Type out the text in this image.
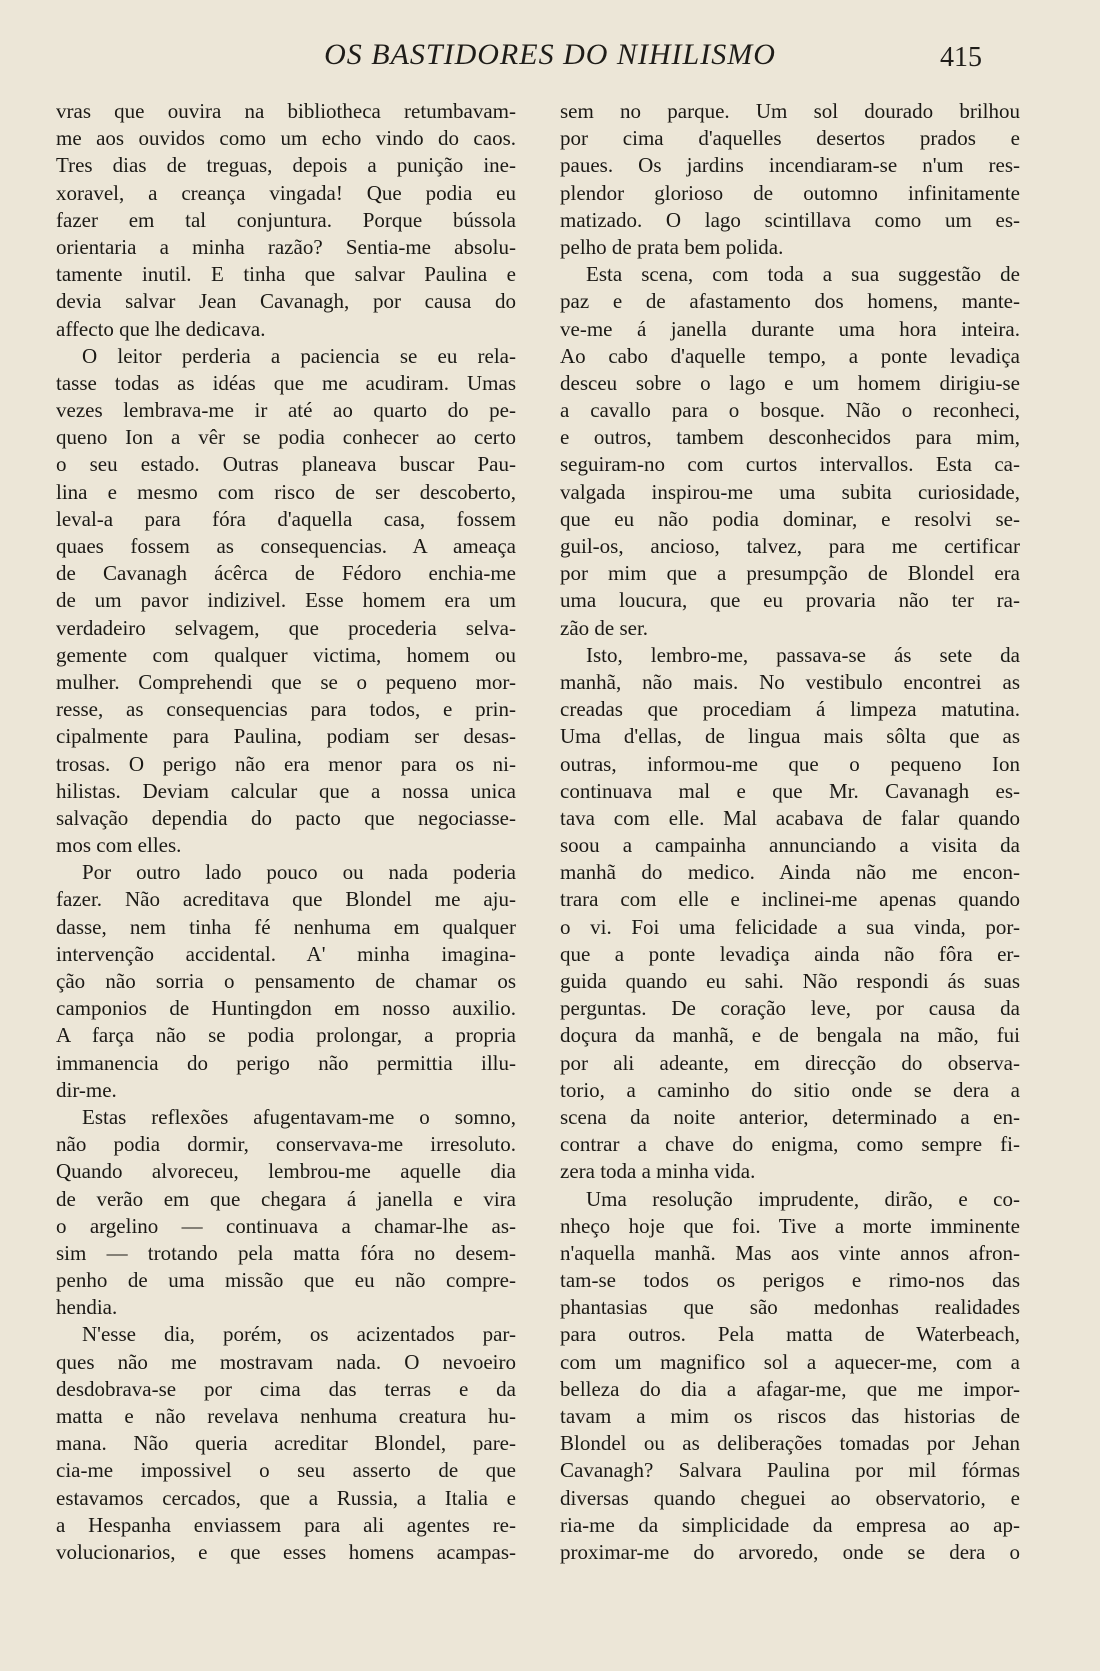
OS BASTIDORES DO NIHILISMO	415
vras que ouvira na bibliotheca retumbavam-
me aos ouvidos como um echo vindo do caos.
Tres dias de treguas, depois a punição ine-
xoravel, a creança vingada! Que podia eu
fazer em tal conjuntura. Porque bússola
orientaria a minha razão? Sentia-me absolu-
tamente inutil. E tinha que salvar Paulina e
devia salvar Jean Cavanagh, por causa do
affecto que lhe dedicava.
O leitor perderia a paciencia se eu rela-
tasse todas as idéas que me acudiram. Umas
vezes lembrava-me ir até ao quarto do pe-
queno Ion a vêr se podia conhecer ao certo
o seu estado. Outras planeava buscar Pau-
lina e mesmo com risco de ser descoberto,
leval-a para fóra d'aquella casa, fossem
quaes fossem as consequencias. A ameaça
de Cavanagh ácêrca de Fédoro enchia-me
de um pavor indizivel. Esse homem era um
verdadeiro selvagem, que procederia selva-
gemente com qualquer victima, homem ou
mulher. Comprehendi que se o pequeno mor-
resse, as consequencias para todos, e prin-
cipalmente para Paulina, podiam ser desas-
trosas. O perigo não era menor para os ni-
hilistas. Deviam calcular que a nossa unica
salvação dependia do pacto que negociasse-
mos com elles.
Por outro lado pouco ou nada poderia
fazer. Não acreditava que Blondel me aju-
dasse, nem tinha fé nenhuma em qualquer
intervenção accidental. A' minha imagina-
ção não sorria o pensamento de chamar os
camponios de Huntingdon em nosso auxilio.
A farça não se podia prolongar, a propria
immanencia do perigo não permittia illu-
dir-me.
Estas reflexões afugentavam-me o somno,
não podia dormir, conservava-me irresoluto.
Quando alvoreceu, lembrou-me aquelle dia
de verão em que chegara á janella e vira
o argelino — continuava a chamar-lhe as-
sim — trotando pela matta fóra no desem-
penho de uma missão que eu não compre-
hendia.
N'esse dia, porém, os acizentados par-
ques não me mostravam nada. O nevoeiro
desdobrava-se por cima das terras e da
matta e não revelava nenhuma creatura hu-
mana. Não queria acreditar Blondel, pare-
cia-me impossivel o seu asserto de que
estavamos cercados, que a Russia, a Italia e
a Hespanha enviassem para ali agentes re-
volucionarios, e que esses homens acampas-
sem no parque. Um sol dourado brilhou
por cima d'aquelles desertos prados e
paues. Os jardins incendiaram-se n'um res-
plendor glorioso de outomno infinitamente
matizado. O lago scintillava como um es-
pelho de prata bem polida.
Esta scena, com toda a sua suggestão de
paz e de afastamento dos homens, mante-
ve-me á janella durante uma hora inteira.
Ao cabo d'aquelle tempo, a ponte levadiça
desceu sobre o lago e um homem dirigiu-se
a cavallo para o bosque. Não o reconheci,
e outros, tambem desconhecidos para mim,
seguiram-no com curtos intervallos. Esta ca-
valgada inspirou-me uma subita curiosidade,
que eu não podia dominar, e resolvi se-
guil-os, ancioso, talvez, para me certificar
por mim que a presumpção de Blondel era
uma loucura, que eu provaria não ter ra-
zão de ser.
Isto, lembro-me, passava-se ás sete da
manhã, não mais. No vestibulo encontrei as
creadas que procediam á limpeza matutina.
Uma d'ellas, de lingua mais sôlta que as
outras, informou-me que o pequeno Ion
continuava mal e que Mr. Cavanagh es-
tava com elle. Mal acabava de falar quando
soou a campainha annunciando a visita da
manhã do medico. Ainda não me encon-
trara com elle e inclinei-me apenas quando
o vi. Foi uma felicidade a sua vinda, por-
que a ponte levadiça ainda não fôra er-
guida quando eu sahi. Não respondi ás suas
perguntas. De coração leve, por causa da
doçura da manhã, e de bengala na mão, fui
por ali adeante, em direcção do observa-
torio, a caminho do sitio onde se dera a
scena da noite anterior, determinado a en-
contrar a chave do enigma, como sempre fi-
zera toda a minha vida.
Uma resolução imprudente, dirão, e co-
nheço hoje que foi. Tive a morte imminente
n'aquella manhã. Mas aos vinte annos afron-
tam-se todos os perigos e rimo-nos das
phantasias que são medonhas realidades
para outros. Pela matta de Waterbeach,
com um magnifico sol a aquecer-me, com a
belleza do dia a afagar-me, que me impor-
tavam a mim os riscos das historias de
Blondel ou as deliberações tomadas por Jehan
Cavanagh? Salvara Paulina por mil fórmas
diversas quando cheguei ao observatorio, e
ria-me da simplicidade da empresa ao ap-
proximar-me do arvoredo, onde se dera o
